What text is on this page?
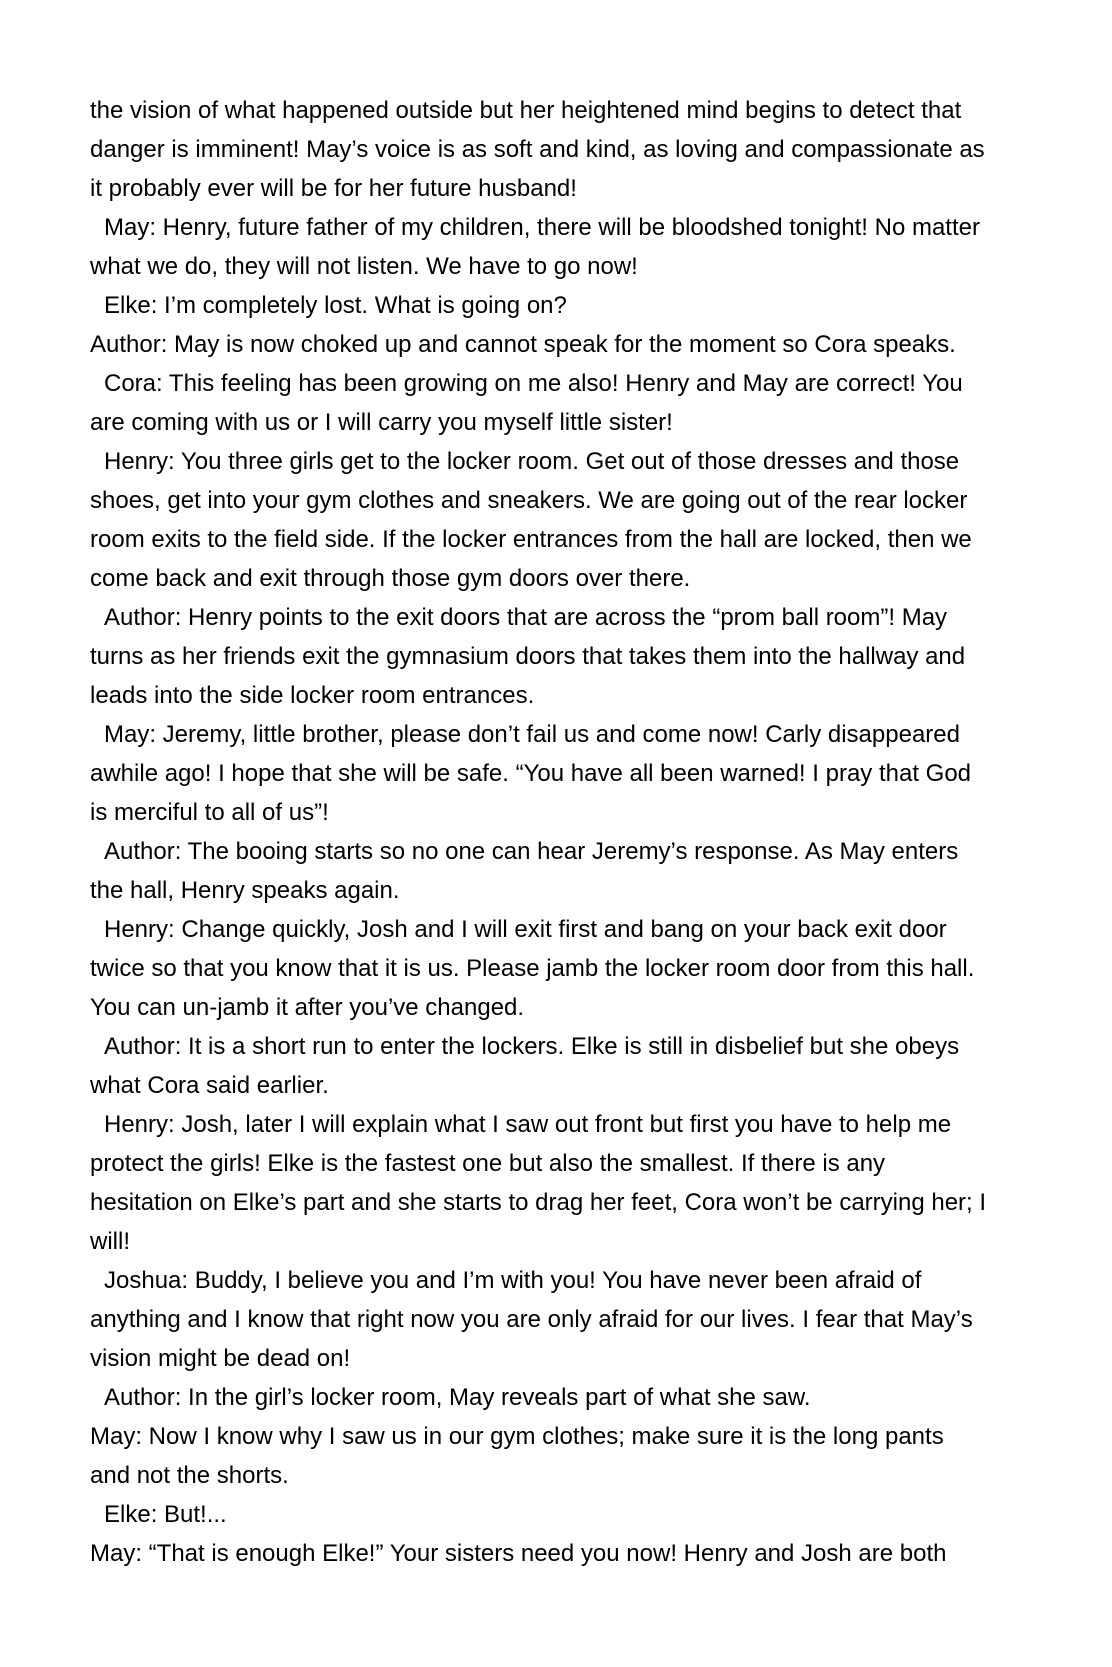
the vision of what happened outside but her heightened mind begins to detect that
danger is imminent! May’s voice is as soft and kind, as loving and compassionate as
it probably ever will be for her future husband!

May: Henry, future father of my children, there will be bloodshed tonight! No matter
what we do, they will not listen. We have to go now!

Elke: I’m completely lost. What is going on?

Author: May is now choked up and cannot speak for the moment so Cora speaks.

Cora: This feeling has been growing on me also! Henry and May are correct! You
are coming with us or I will carry you myself little sister!

Henry: You three girls get to the locker room. Get out of those dresses and those
shoes, get into your gym clothes and sneakers. We are going out of the rear locker
room exits to the field side. If the locker entrances from the hall are locked, then we
come back and exit through those gym doors over there.

Author: Henry points to the exit doors that are across the “prom ball room”! May
turns as her friends exit the gymnasium doors that takes them into the hallway and
leads into the side locker room entrances.

May: Jeremy, little brother, please don’t fail us and come now! Carly disappeared
awhile ago! I hope that she will be safe. “You have all been warned! I pray that God
is merciful to all of us”!

Author: The booing starts so no one can hear Jeremy’s response. As May enters
the hall, Henry speaks again.

Henry: Change quickly, Josh and I will exit first and bang on your back exit door
twice so that you know that it is us. Please jamb the locker room door from this hall.
You can un-jamb it after you’ve changed.

Author: It is a short run to enter the lockers. Elke is still in disbelief but she obeys
what Cora said earlier.

Henry: Josh, later I will explain what I saw out front but first you have to help me
protect the girls! Elke is the fastest one but also the smallest. If there is any
hesitation on Elke’s part and she starts to drag her feet, Cora won’t be carrying her; I
will!

Joshua: Buddy, I believe you and I’m with you! You have never been afraid of
anything and I know that right now you are only afraid for our lives. I fear that May’s
vision might be dead on!

Author: In the girl’s locker room, May reveals part of what she saw.

May: Now I know why I saw us in our gym clothes; make sure it is the long pants
and not the shorts.

Elke: But!...

May: “That is enough Elke!” Your sisters need you now! Henry and Josh are both
